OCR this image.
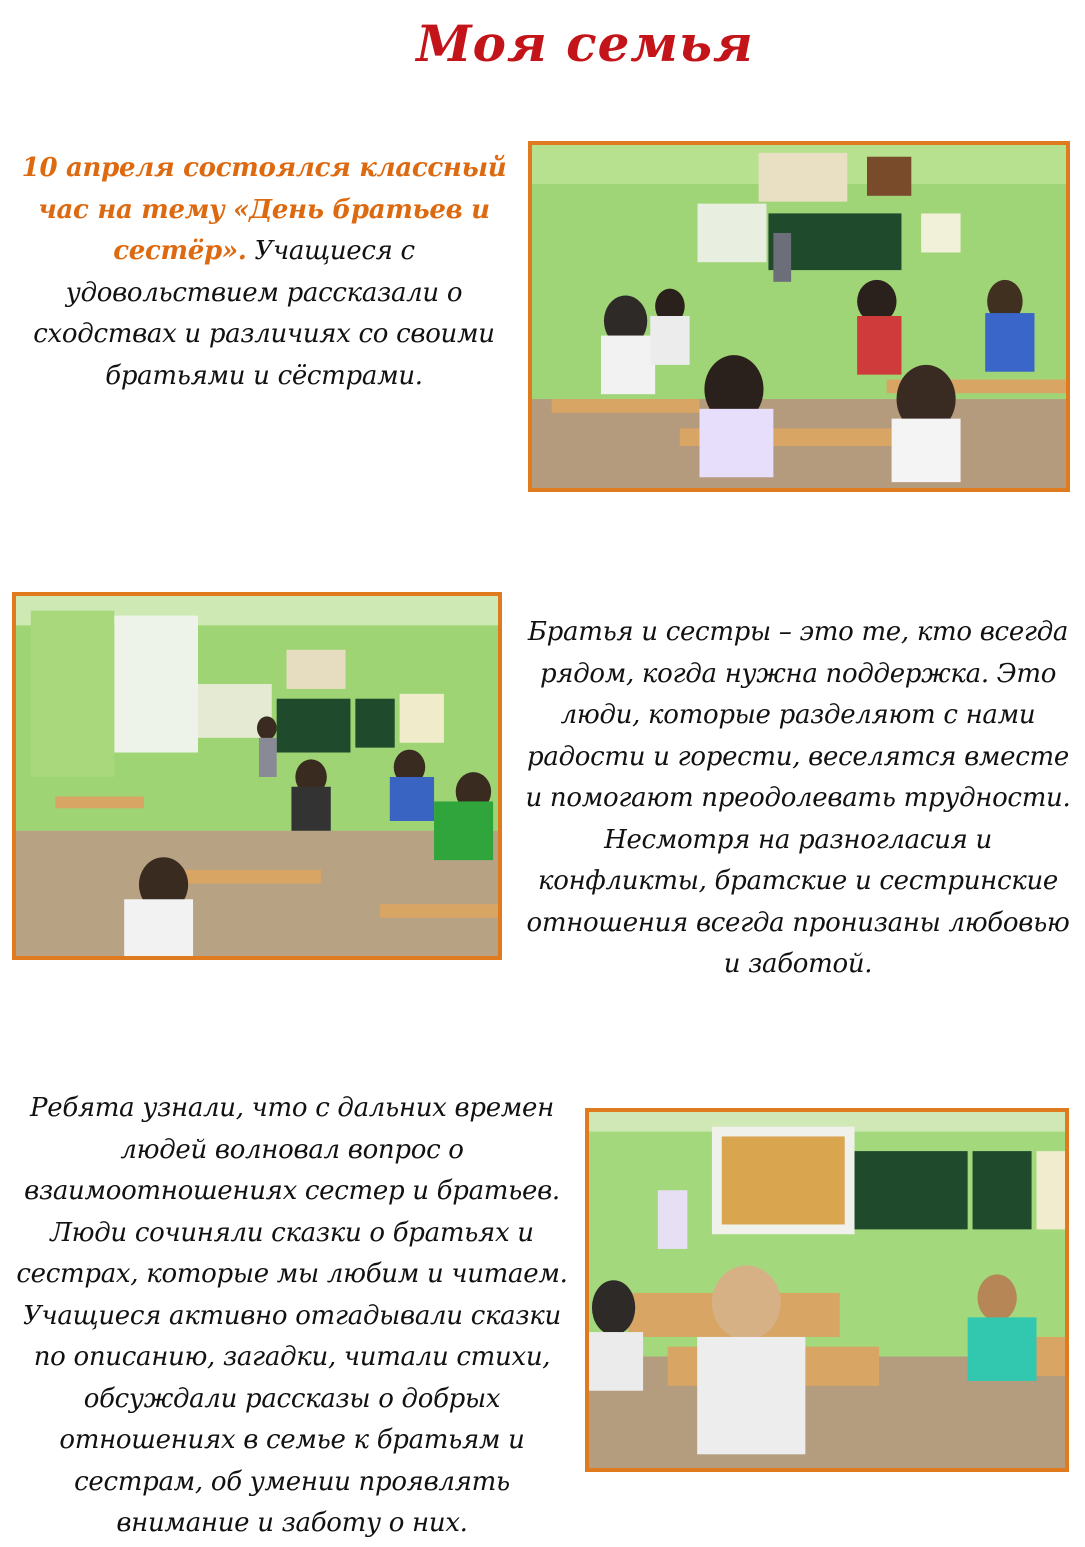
Моя семья
10 апреля состоялся классный час на тему «День братьев и сестёр». Учащиеся с удовольствием рассказали о сходствах и различиях со своими братьями и сёстрами.
Братья и сестры – это те, кто всегда рядом, когда нужна поддержка. Это люди, которые разделяют с нами радости и горести, веселятся вместе и помогают преодолевать трудности. Несмотря на разногласия и конфликты, братские и сестринские отношения всегда пронизаны любовью и заботой.
Ребята узнали, что с дальних времен людей волновал вопрос о взаимоотношениях сестер и братьев. Люди сочиняли сказки о братьях и сестрах, которые мы любим и читаем. Учащиеся активно отгадывали сказки по описанию, загадки, читали стихи, обсуждали рассказы о добрых отношениях в семье к братьям и сестрам, об умении проявлять внимание и заботу о них.
